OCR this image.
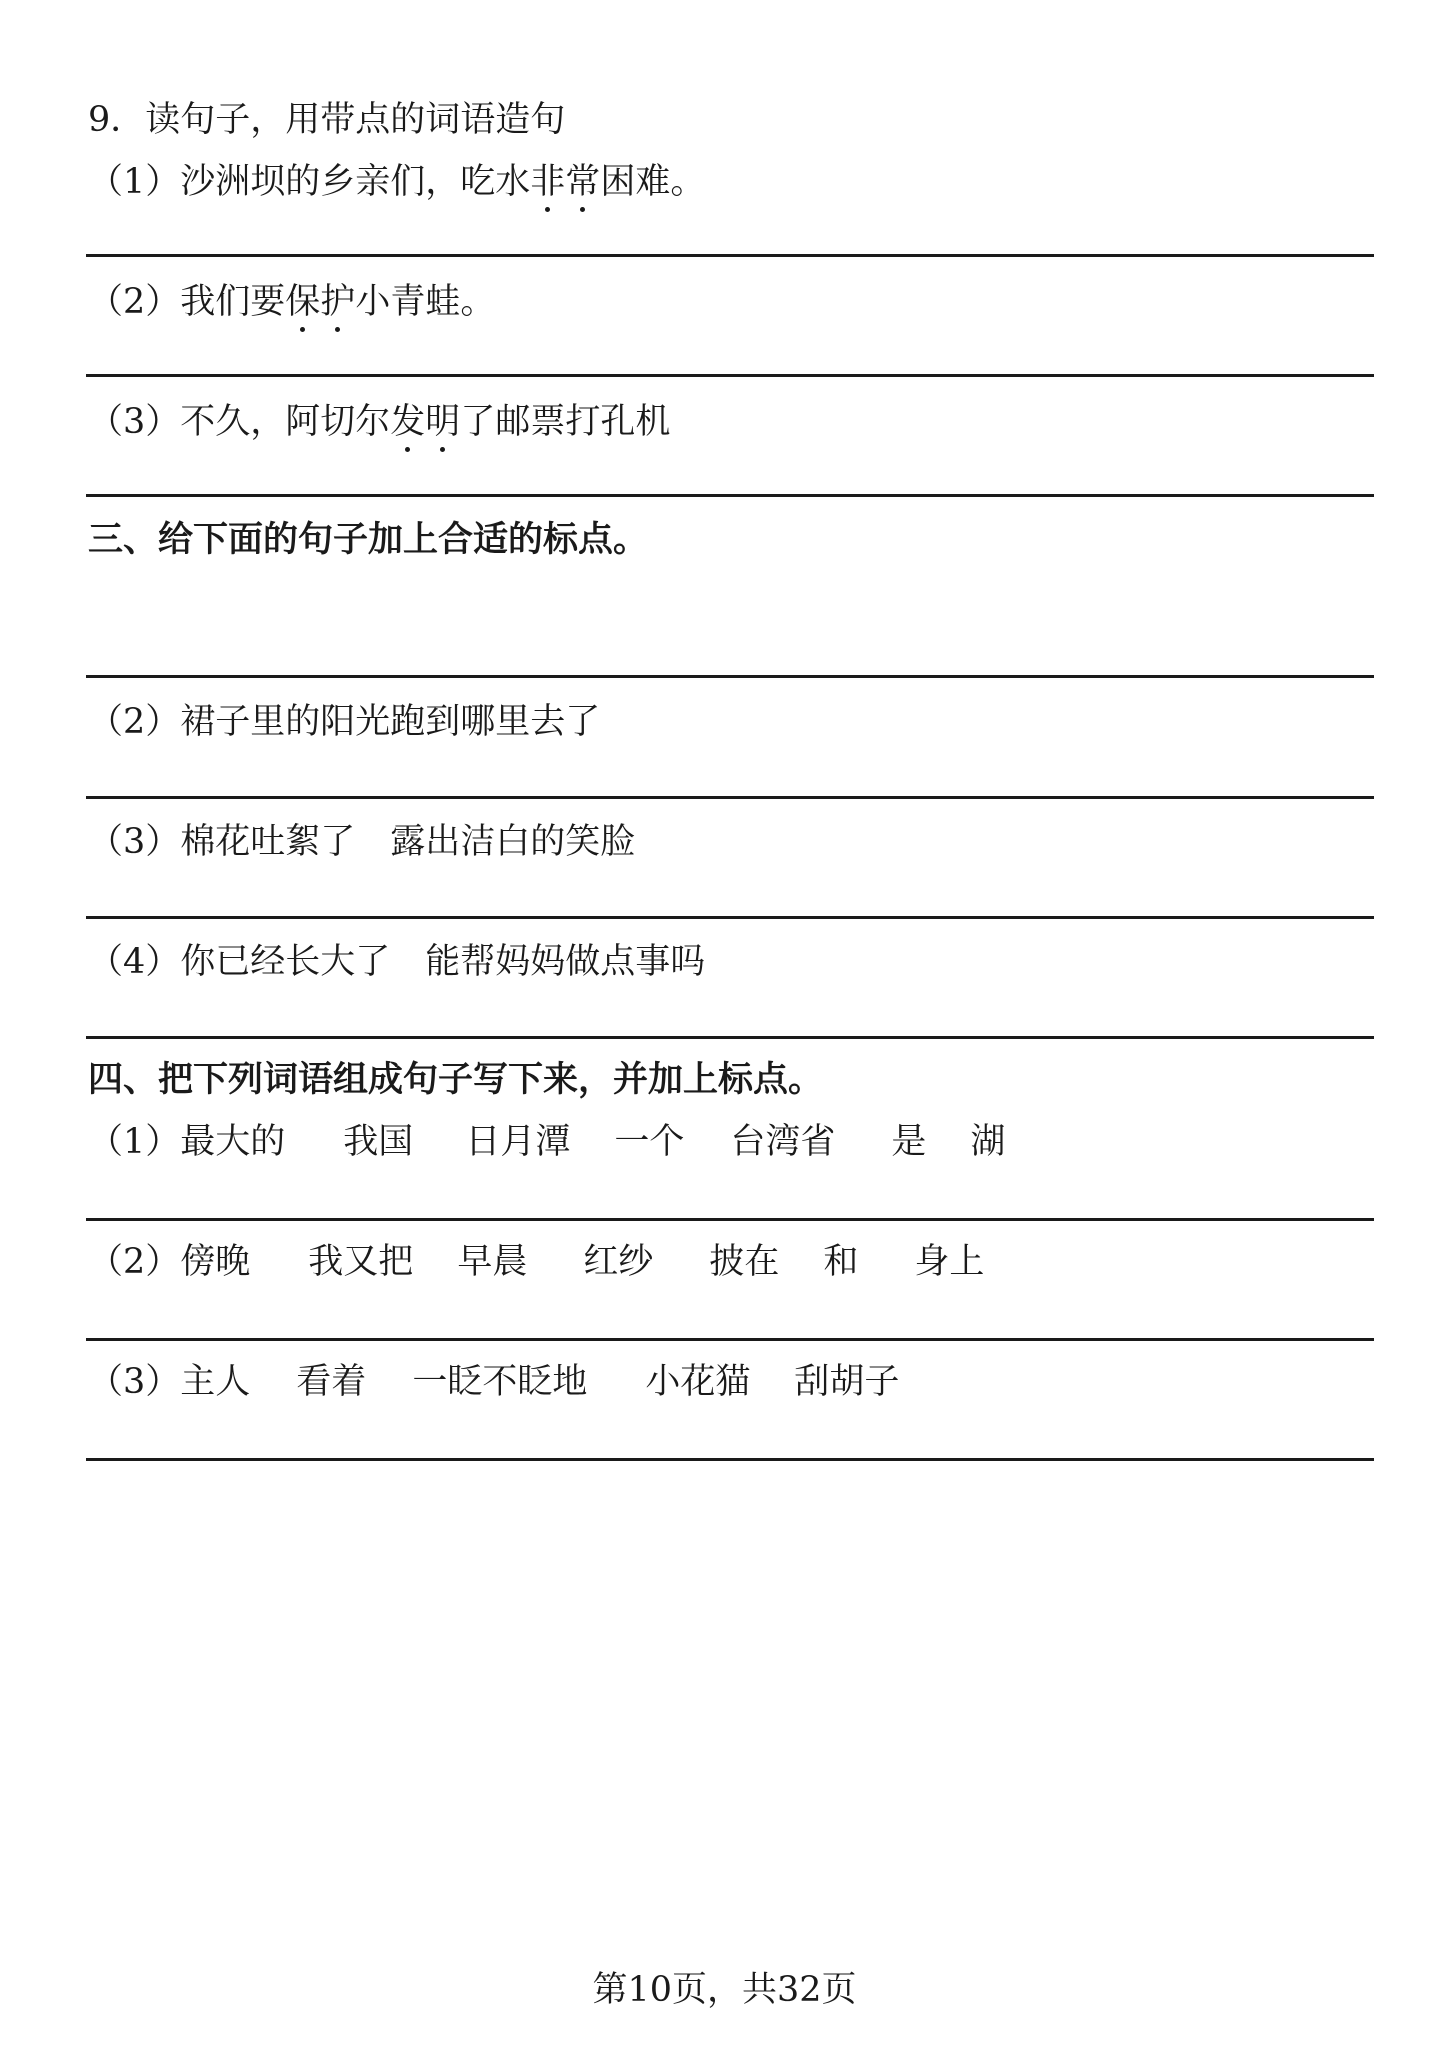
9．读句子，用带点的词语造句

（1）沙洲坝的乡亲们，吃水非常困难。

（2）我们要保护小青蛙。

（3）不久，阿切尔发明了邮票打孔机

三、给下面的句子加上合适的标点。

（2）裙子里的阳光跑到哪里去了

（3）棉花吐絮了　露出洁白的笑脸

（4）你已经长大了　能帮妈妈做点事吗

四、把下列词语组成句子写下来，并加上标点。

（1）最大的 我国 日月潭 一个 台湾省 是 湖

（2）傍晚 我又把 早晨 红纱 披在 和 身上

（3）主人 看着 一眨不眨地 小花猫 刮胡子

第10页，共32页
